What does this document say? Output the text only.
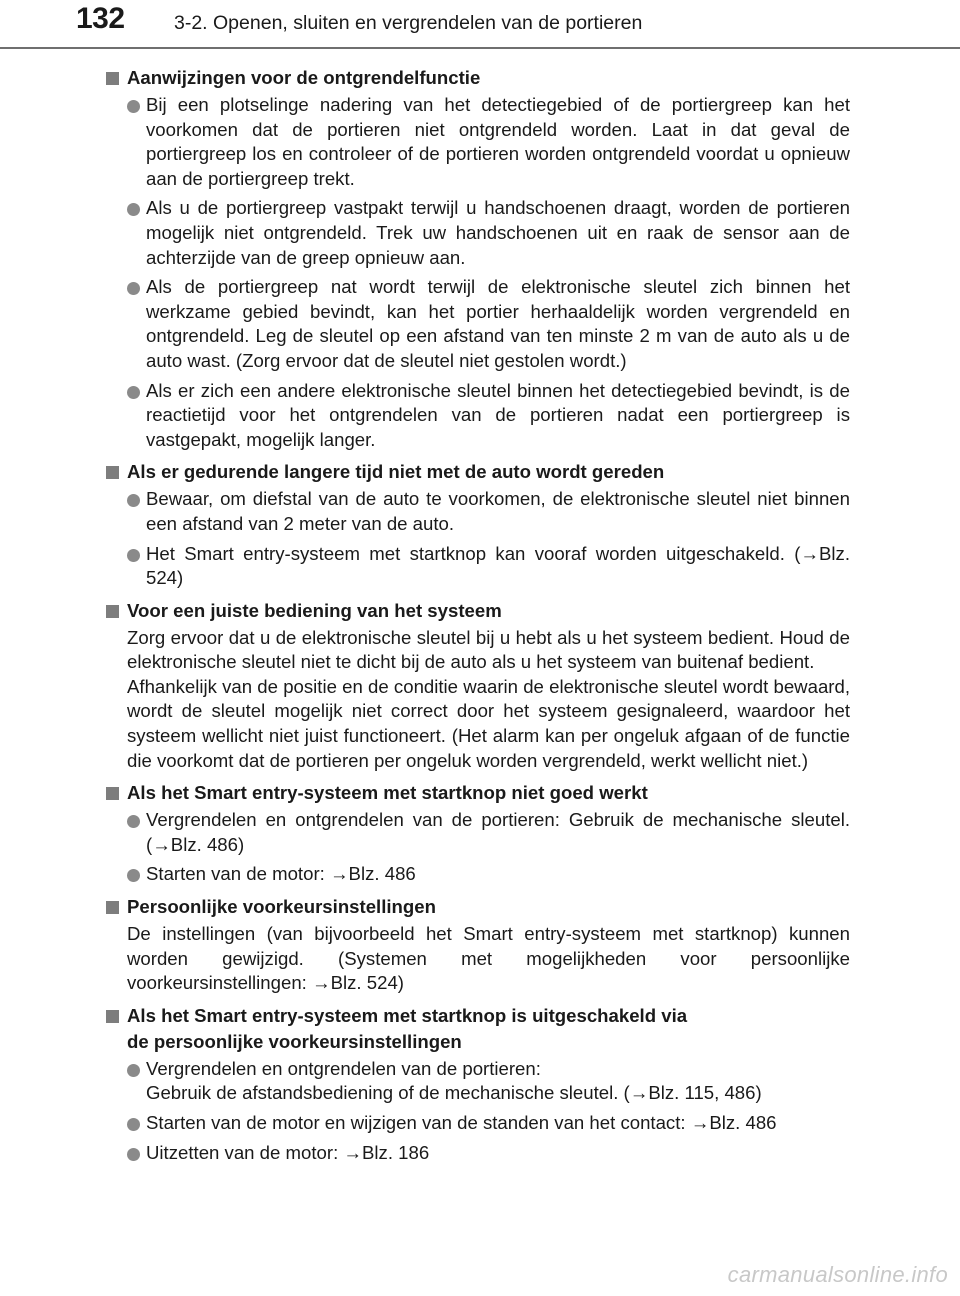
132	3-2. Openen, sluiten en vergrendelen van de portieren
Aanwijzingen voor de ontgrendelfunctie
Bij een plotselinge nadering van het detectiegebied of de portiergreep kan het voorkomen dat de portieren niet ontgrendeld worden. Laat in dat geval de portiergreep los en controleer of de portieren worden ontgrendeld voordat u opnieuw aan de portiergreep trekt.
Als u de portiergreep vastpakt terwijl u handschoenen draagt, worden de portieren mogelijk niet ontgrendeld. Trek uw handschoenen uit en raak de sensor aan de achterzijde van de greep opnieuw aan.
Als de portiergreep nat wordt terwijl de elektronische sleutel zich binnen het werkzame gebied bevindt, kan het portier herhaaldelijk worden vergrendeld en ontgrendeld. Leg de sleutel op een afstand van ten minste 2 m van de auto als u de auto wast. (Zorg ervoor dat de sleutel niet gestolen wordt.)
Als er zich een andere elektronische sleutel binnen het detectiegebied bevindt, is de reactietijd voor het ontgrendelen van de portieren nadat een portiergreep is vastgepakt, mogelijk langer.
Als er gedurende langere tijd niet met de auto wordt gereden
Bewaar, om diefstal van de auto te voorkomen, de elektronische sleutel niet binnen een afstand van 2 meter van de auto.
Het Smart entry-systeem met startknop kan vooraf worden uitgeschakeld. (→Blz. 524)
Voor een juiste bediening van het systeem
Zorg ervoor dat u de elektronische sleutel bij u hebt als u het systeem bedient. Houd de elektronische sleutel niet te dicht bij de auto als u het systeem van buitenaf bedient.
Afhankelijk van de positie en de conditie waarin de elektronische sleutel wordt bewaard, wordt de sleutel mogelijk niet correct door het systeem gesignaleerd, waardoor het systeem wellicht niet juist functioneert. (Het alarm kan per ongeluk afgaan of de functie die voorkomt dat de portieren per ongeluk worden vergrendeld, werkt wellicht niet.)
Als het Smart entry-systeem met startknop niet goed werkt
Vergrendelen en ontgrendelen van de portieren: Gebruik de mechanische sleutel. (→Blz. 486)
Starten van de motor: →Blz. 486
Persoonlijke voorkeursinstellingen
De instellingen (van bijvoorbeeld het Smart entry-systeem met startknop) kunnen worden gewijzigd. (Systemen met mogelijkheden voor persoonlijke voorkeursinstellingen: →Blz. 524)
Als het Smart entry-systeem met startknop is uitgeschakeld via
de persoonlijke voorkeursinstellingen
Vergrendelen en ontgrendelen van de portieren:
Gebruik de afstandsbediening of de mechanische sleutel. (→Blz. 115, 486)
Starten van de motor en wijzigen van de standen van het contact: →Blz. 486
Uitzetten van de motor: →Blz. 186
carmanualsonline.info
